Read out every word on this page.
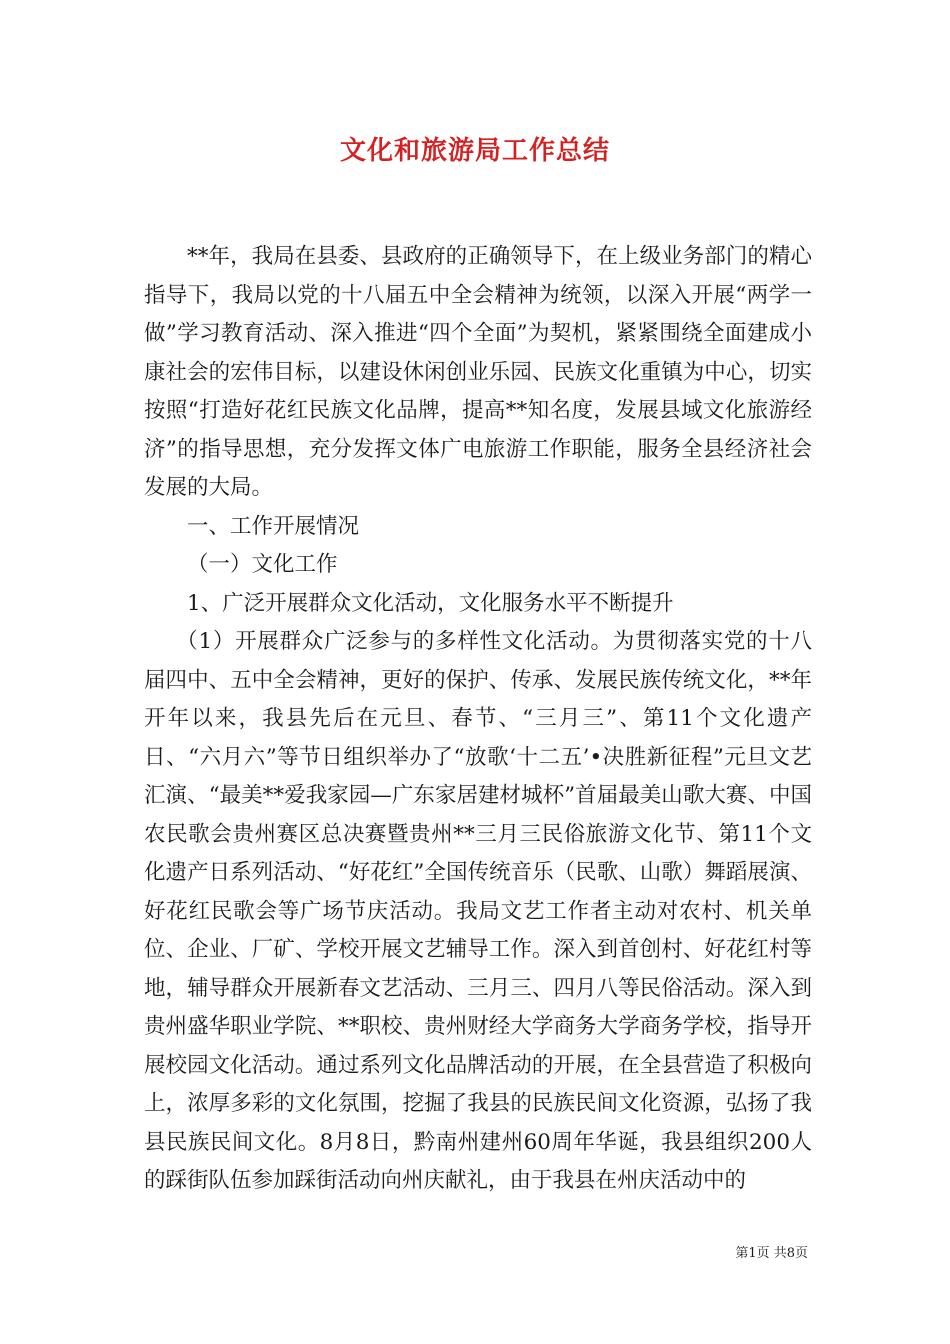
文化和旅游局工作总结

**年，我局在县委、县政府的正确领导下，在上级业务部门的精心指导下，我局以党的十八届五中全会精神为统领，以深入开展“两学一做”学习教育活动、深入推进“四个全面”为契机，紧紧围绕全面建成小康社会的宏伟目标，以建设休闲创业乐园、民族文化重镇为中心，切实按照“打造好花红民族文化品牌，提高**知名度，发展县域文化旅游经济”的指导思想，充分发挥文体广电旅游工作职能，服务全县经济社会发展的大局。

一、工作开展情况

（一）文化工作

1、广泛开展群众文化活动，文化服务水平不断提升

（1）开展群众广泛参与的多样性文化活动。为贯彻落实党的十八届四中、五中全会精神，更好的保护、传承、发展民族传统文化，**年开年以来，我县先后在元旦、春节、“三月三”、第11个文化遗产日、“六月六”等节日组织举办了“放歌‘十二五’•决胜新征程”元旦文艺汇演、“最美**爱我家园—广东家居建材城杯”首届最美山歌大赛、中国农民歌会贵州赛区总决赛暨贵州**三月三民俗旅游文化节、第11个文化遗产日系列活动、“好花红”全国传统音乐（民歌、山歌）舞蹈展演、好花红民歌会等广场节庆活动。我局文艺工作者主动对农村、机关单位、企业、厂矿、学校开展文艺辅导工作。深入到首创村、好花红村等地，辅导群众开展新春文艺活动、三月三、四月八等民俗活动。深入到贵州盛华职业学院、**职校、贵州财经大学商务大学商务学校，指导开展校园文化活动。通过系列文化品牌活动的开展，在全县营造了积极向上，浓厚多彩的文化氛围，挖掘了我县的民族民间文化资源，弘扬了我县民族民间文化。8月8日，黔南州建州60周年华诞，我县组织200人的踩街队伍参加踩街活动向州庆献礼，由于我县在州庆活动中的

第1页 共8页
